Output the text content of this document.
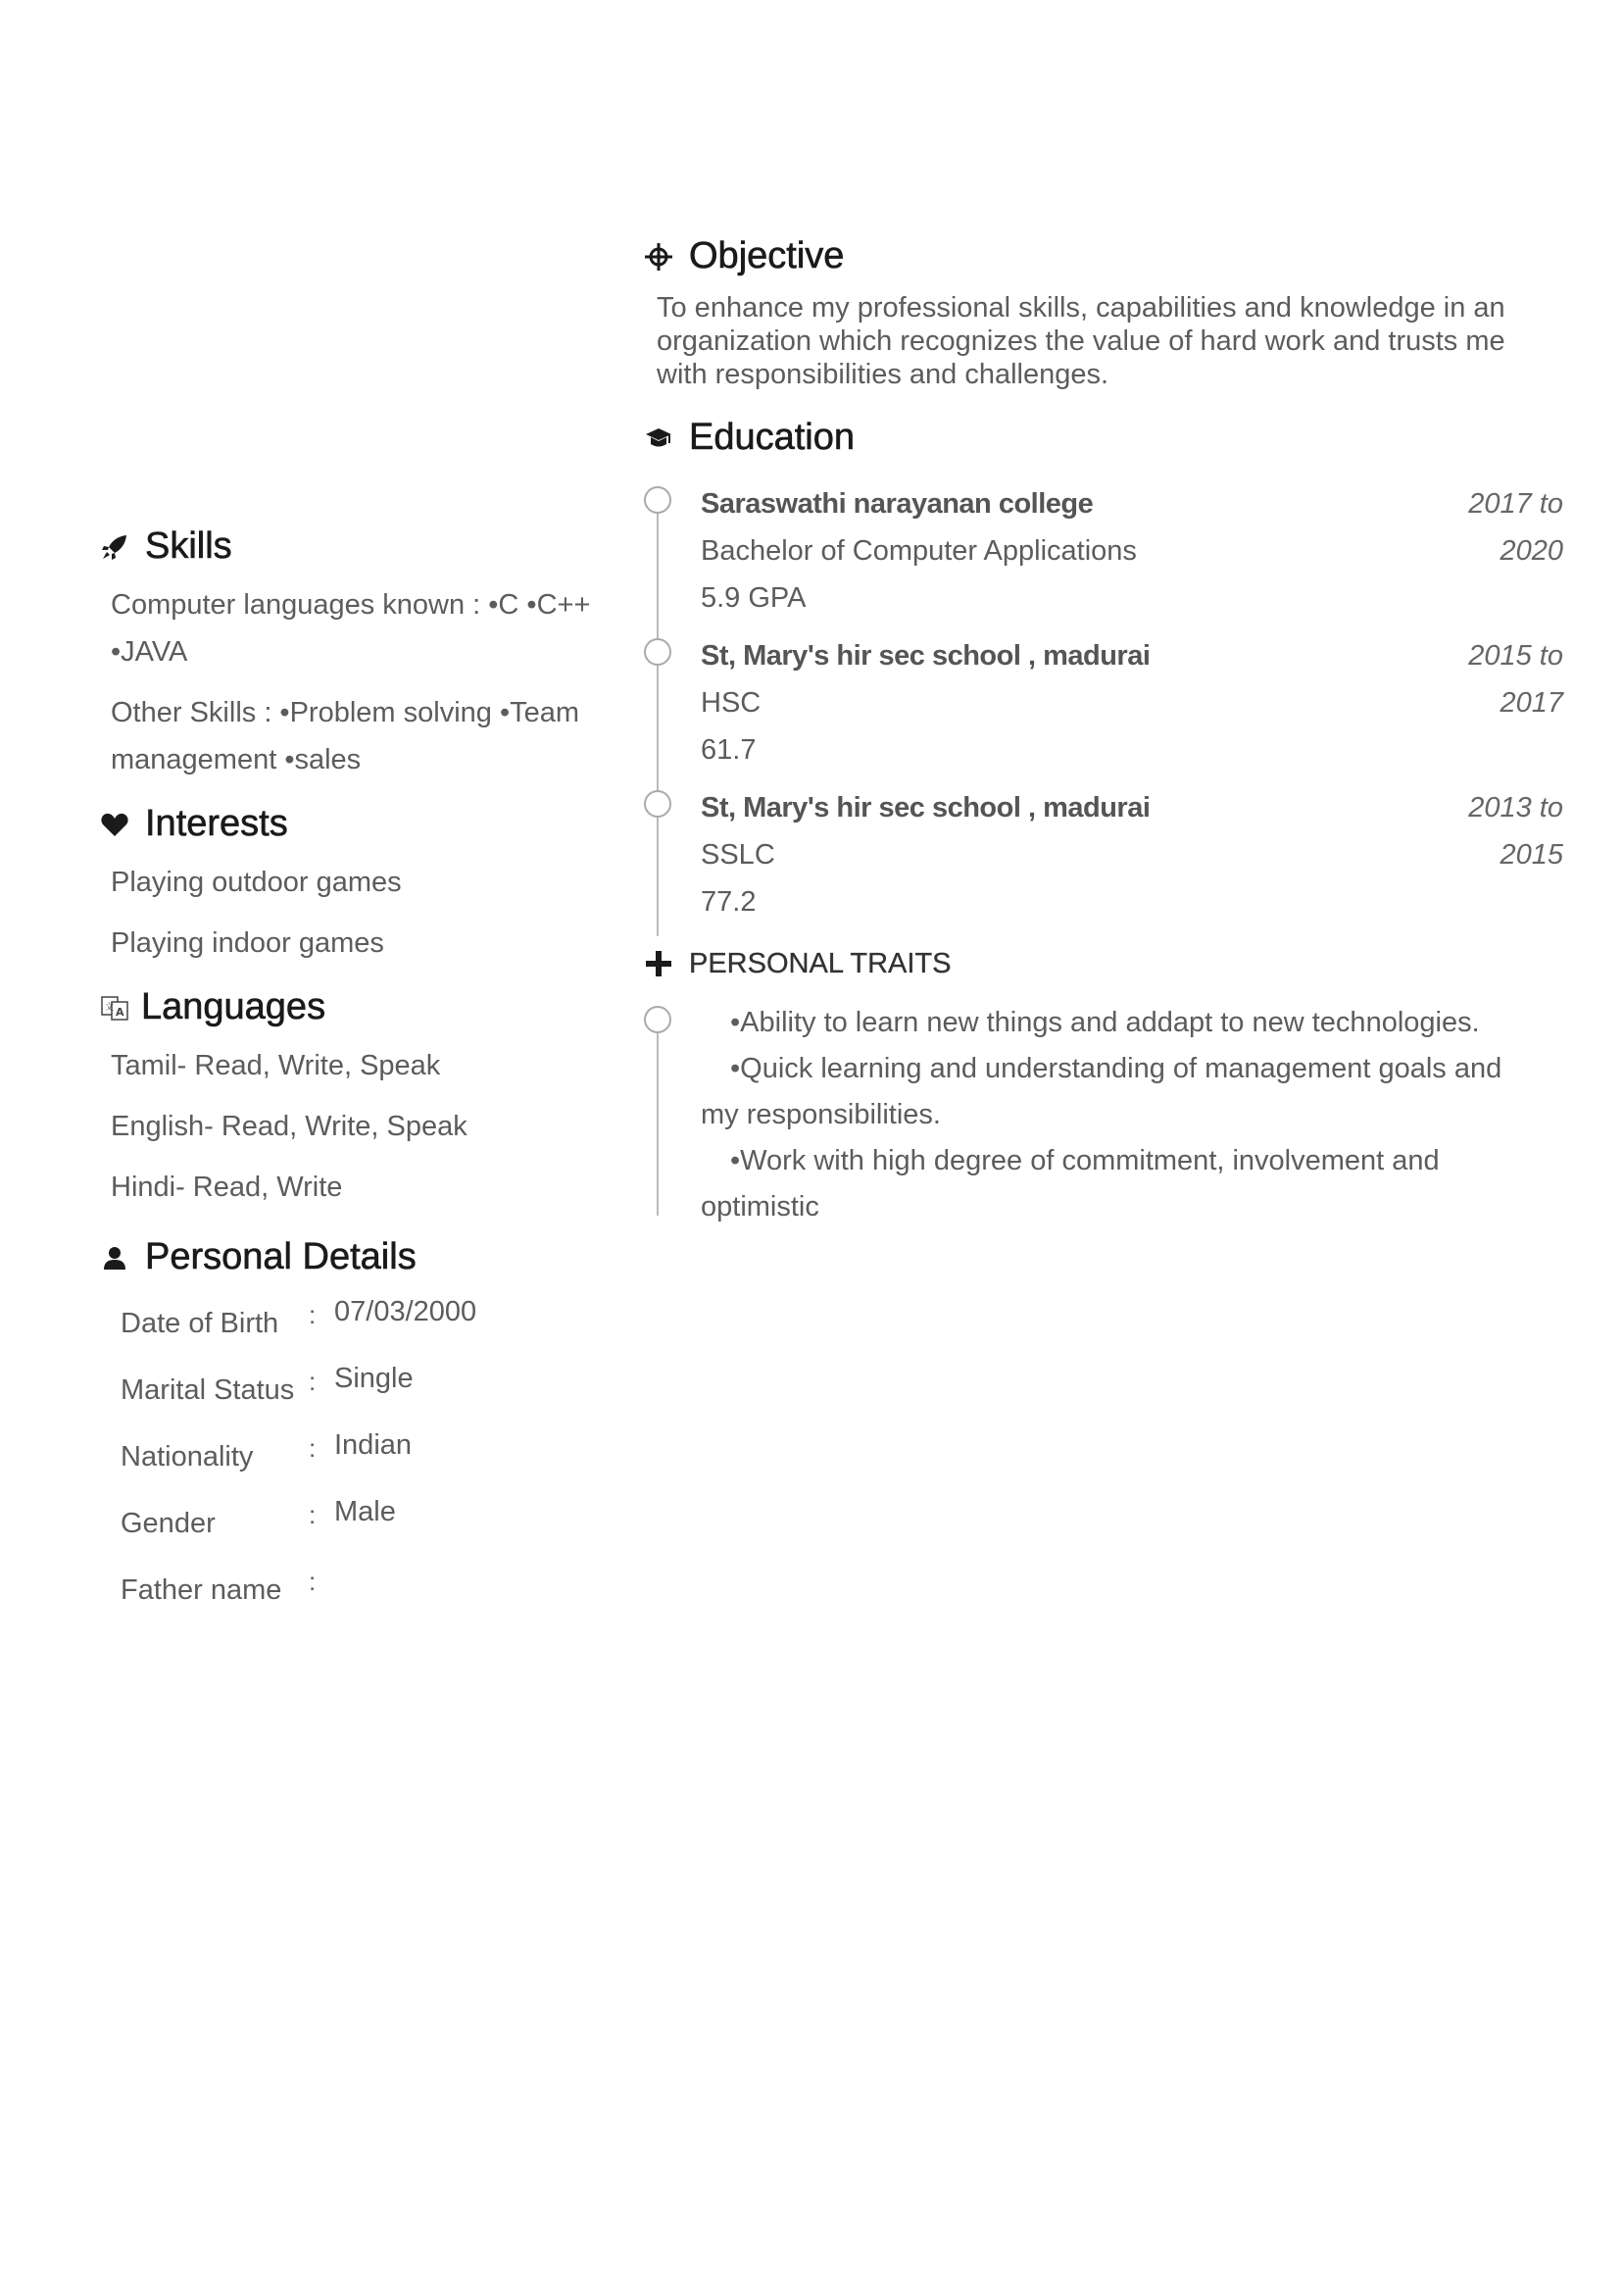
Objective
To enhance my professional skills, capabilities and knowledge in an organization which recognizes the value of hard work and trusts me with responsibilities and challenges.
Education
Saraswathi narayanan college	2017 to
Bachelor of Computer Applications	2020
5.9 GPA
St, Mary's hir sec school , madurai	2015 to
HSC	2017
61.7
St, Mary's hir sec school , madurai	2013 to
SSLC	2015
77.2
PERSONAL TRAITS
•Ability to learn new things and addapt to new technologies.
•Quick learning and understanding of management goals and my responsibilities.
•Work with high degree of commitment, involvement and optimistic
Skills

Computer languages known : •C •C++ •JAVA

Other Skills : •Problem solving •Team management •sales

Interests

Playing outdoor games

Playing indoor games

文 A Languages

Tamil- Read, Write, Speak

English- Read, Write, Speak

Hindi- Read, Write

Personal Details
Date of Birth	: 07/03/2000
Marital Status : Single
Nationality	: Indian
Gender	: Male
Father name	:
